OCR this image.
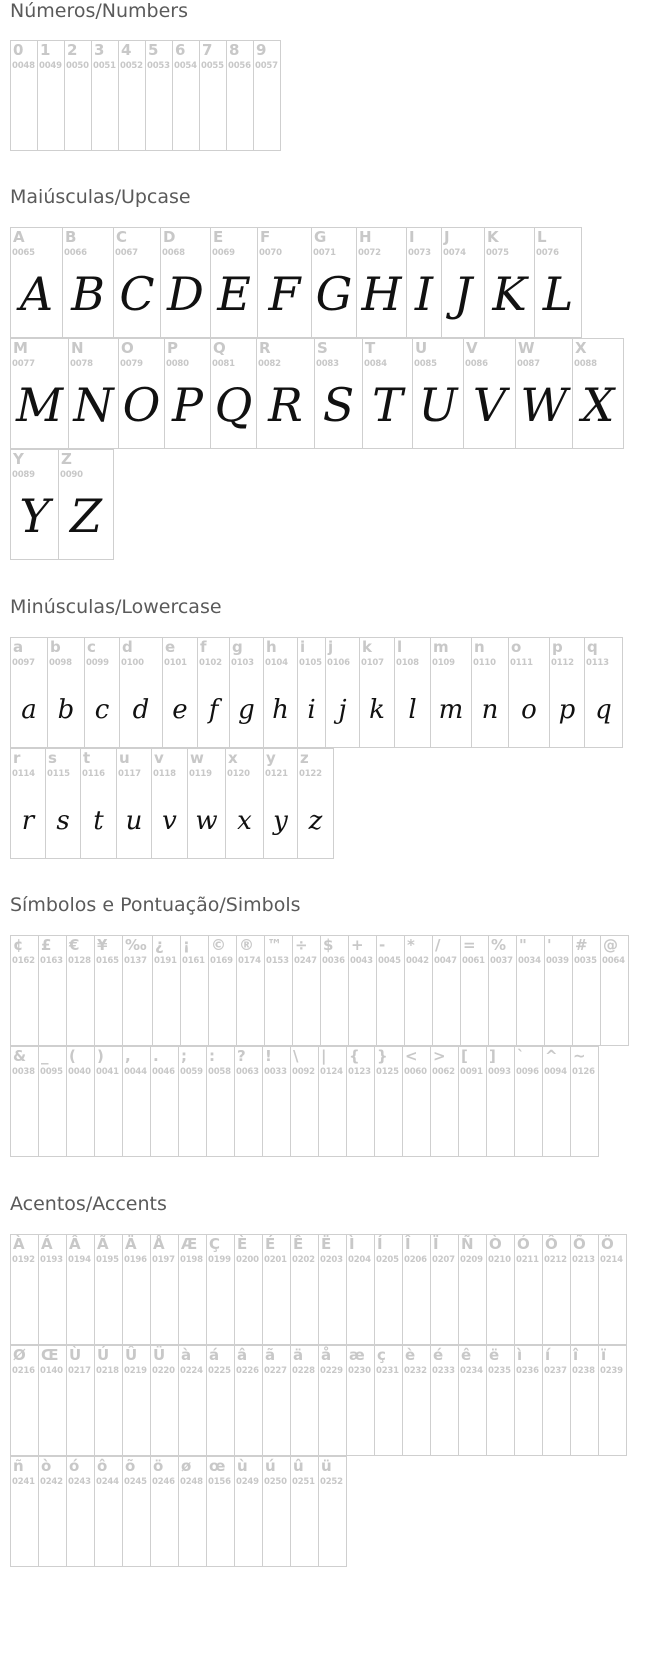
Números/Numbers
Maiúsculas/Upcase
Minúsculas/Lowercase
Símbolos e Pontuação/Simbols
Acentos/Accents
0
0048
1
0049
2
0050
3
0051
4
0052
5
0053
6
0054
7
0055
8
0056
9
0057
A
0065
A
B
0066
B
C
0067
C
D
0068
D
E
0069
E
F
0070
F
G
0071
G
H
0072
H
I
0073
I
J
0074
J
K
0075
K
L
0076
L
M
0077
M
N
0078
N
O
0079
O
P
0080
P
Q
0081
Q
R
0082
R
S
0083
S
T
0084
T
U
0085
U
V
0086
V
W
0087
W
X
0088
X
Y
0089
Y
Z
0090
Z
a
0097
a
b
0098
b
c
0099
c
d
0100
d
e
0101
e
f
0102
f
g
0103
g
h
0104
h
i
0105
i
j
0106
j
k
0107
k
l
0108
l
m
0109
m
n
0110
n
o
0111
o
p
0112
p
q
0113
q
r
0114
r
s
0115
s
t
0116
t
u
0117
u
v
0118
v
w
0119
w
x
0120
x
y
0121
y
z
0122
z
¢
0162
£
0163
€
0128
¥
0165
‰
0137
¿
0191
¡
0161
©
0169
®
0174
™
0153
÷
0247
$
0036
+
0043
-
0045
*
0042
/
0047
=
0061
%
0037
"
0034
'
0039
#
0035
@
0064
&
0038
_
0095
(
0040
)
0041
,
0044
.
0046
;
0059
:
0058
?
0063
!
0033
\
0092
|
0124
{
0123
}
0125
<
0060
>
0062
[
0091
]
0093
`
0096
^
0094
~
0126
À
0192
Á
0193
Â
0194
Ã
0195
Ä
0196
Å
0197
Æ
0198
Ç
0199
È
0200
É
0201
Ê
0202
Ë
0203
Ì
0204
Í
0205
Î
0206
Ï
0207
Ñ
0209
Ò
0210
Ó
0211
Ô
0212
Õ
0213
Ö
0214
Ø
0216
Œ
0140
Ù
0217
Ú
0218
Û
0219
Ü
0220
à
0224
á
0225
â
0226
ã
0227
ä
0228
å
0229
æ
0230
ç
0231
è
0232
é
0233
ê
0234
ë
0235
ì
0236
í
0237
î
0238
ï
0239
ñ
0241
ò
0242
ó
0243
ô
0244
õ
0245
ö
0246
ø
0248
œ
0156
ù
0249
ú
0250
û
0251
ü
0252
